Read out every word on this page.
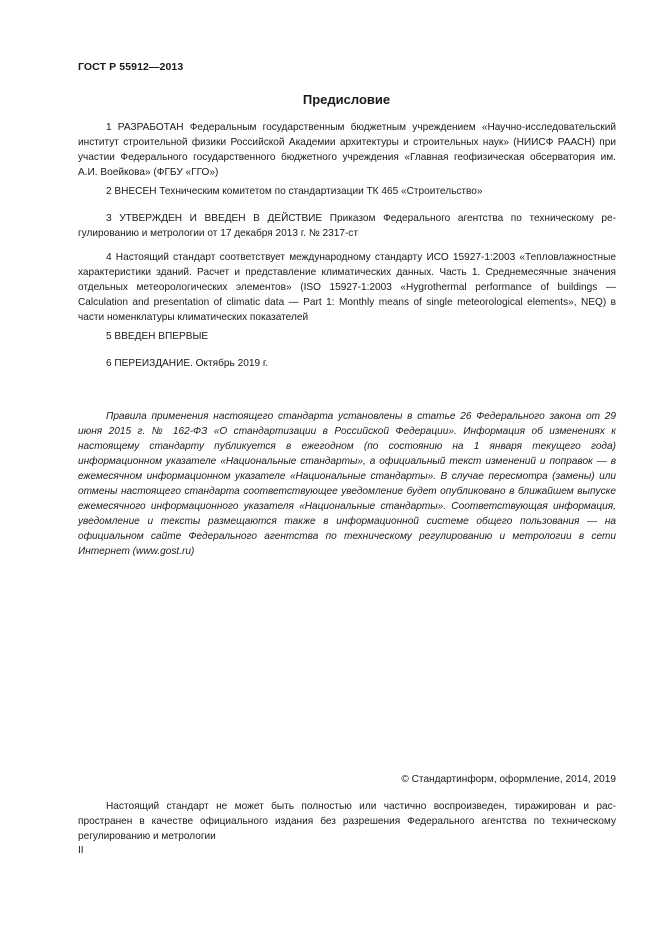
ГОСТ Р 55912—2013
Предисловие

1 РАЗРАБОТАН Федеральным государственным бюджетным учреждением «Научно-исследовательский институт строительной физики Российской Академии архитектуры и строительных наук» (НИИСФ РААСН) при участии Федерального государственного бюджетного учреждения «Главная геофизическая обсерватория им. А.И. Воейкова» (ФГБУ «ГГО»)

2 ВНЕСЕН Техническим комитетом по стандартизации ТК 465 «Строительство»

3 УТВЕРЖДЕН И ВВЕДЕН В ДЕЙСТВИЕ Приказом Федерального агентства по техническому регулированию и метрологии от 17 декабря 2013 г. № 2317-ст

4 Настоящий стандарт соответствует международному стандарту ИСО 15927-1:2003 «Тепловлажностные характеристики зданий. Расчет и представление климатических данных. Часть 1. Среднемесячные значения отдельных метеорологических элементов» (ISO 15927-1:2003 «Hygrothermal performance of buildings — Calculation and presentation of climatic data — Part 1: Monthly means of single meteorological elements», NEQ) в части номенклатуры климатических показателей

5 ВВЕДЕН ВПЕРВЫЕ

6 ПЕРЕИЗДАНИЕ. Октябрь 2019 г.

Правила применения настоящего стандарта установлены в статье 26 Федерального закона от 29 июня 2015 г. № 162-ФЗ «О стандартизации в Российской Федерации». Информация об изменениях к настоящему стандарту публикуется в ежегодном (по состоянию на 1 января текущего года) информационном указателе «Национальные стандарты», а официальный текст изменений и поправок — в ежемесячном информационном указателе «Национальные стандарты». В случае пересмотра (замены) или отмены настоящего стандарта соответствующее уведомление будет опубликовано в ближайшем выпуске ежемесячного информационного указателя «Национальные стандарты». Соответствующая информация, уведомление и тексты размещаются также в информационной системе общего пользования — на официальном сайте Федерального агентства по техническому регулированию и метрологии в сети Интернет (www.gost.ru)

© Стандартинформ, оформление, 2014, 2019

Настоящий стандарт не может быть полностью или частично воспроизведен, тиражирован и распространен в качестве официального издания без разрешения Федерального агентства по техническому регулированию и метрологии

II
